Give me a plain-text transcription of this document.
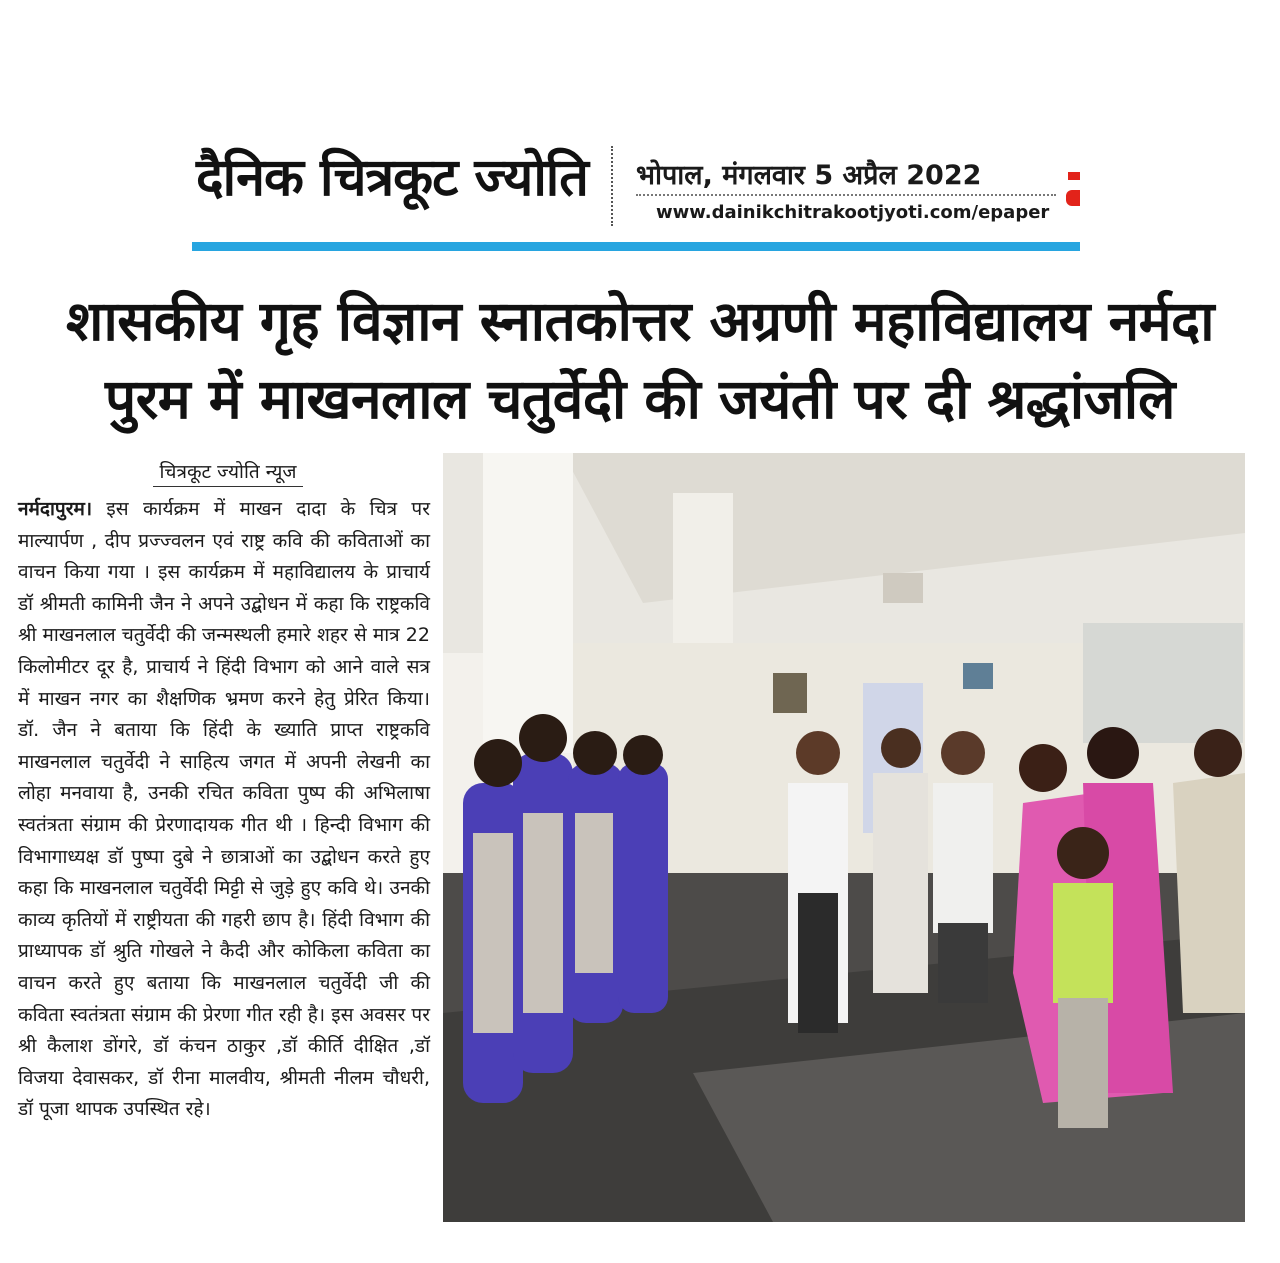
दैनिक चित्रकूट ज्योति भोपाल, मंगलवार 5 अप्रैल 2022
www.dainikchitrakootjyoti.com/epaper
शासकीय गृह विज्ञान स्नातकोत्तर अग्रणी महाविद्यालय नर्मदा
पुरम में माखनलाल चतुर्वेदी की जयंती पर दी श्रद्धांजलि
चित्रकूट ज्योति न्यूज
नर्मदापुरम। इस कार्यक्रम में माखन दादा के चित्र पर माल्यार्पण , दीप प्रज्ज्वलन एवं राष्ट्र कवि की कविताओं का वाचन किया गया । इस कार्यक्रम में महाविद्यालय के प्राचार्य डॉ श्रीमती कामिनी जैन ने अपने उद्बोधन में कहा कि राष्ट्रकवि श्री माखनलाल चतुर्वेदी की जन्मस्थली हमारे शहर से मात्र 22 किलोमीटर दूर है, प्राचार्य ने हिंदी विभाग को आने वाले सत्र में माखन नगर का शैक्षणिक भ्रमण करने हेतु प्रेरित किया। डॉ. जैन ने बताया कि हिंदी के ख्याति प्राप्त राष्ट्रकवि माखनलाल चतुर्वेदी ने साहित्य जगत में अपनी लेखनी का लोहा मनवाया है, उनकी रचित कविता पुष्प की अभिलाषा स्वतंत्रता संग्राम की प्रेरणादायक गीत थी । हिन्दी विभाग की विभागाध्यक्ष डॉ पुष्पा दुबे ने छात्राओं का उद्बोधन करते हुए कहा कि माखनलाल चतुर्वेदी मिट्टी से जुड़े हुए कवि थे। उनकी काव्य कृतियों में राष्ट्रीयता की गहरी छाप है। हिंदी विभाग की प्राध्यापक डॉ श्रुति गोखले ने कैदी और कोकिला कविता का वाचन करते हुए बताया कि माखनलाल चतुर्वेदी जी की कविता स्वतंत्रता संग्राम की प्रेरणा गीत रही है। इस अवसर पर श्री कैलाश डोंगरे, डॉ कंचन ठाकुर ,डॉ कीर्ति दीक्षित ,डॉ विजया देवासकर, डॉ रीना मालवीय, श्रीमती नीलम चौधरी, डॉ पूजा थापक उपस्थित रहे।
